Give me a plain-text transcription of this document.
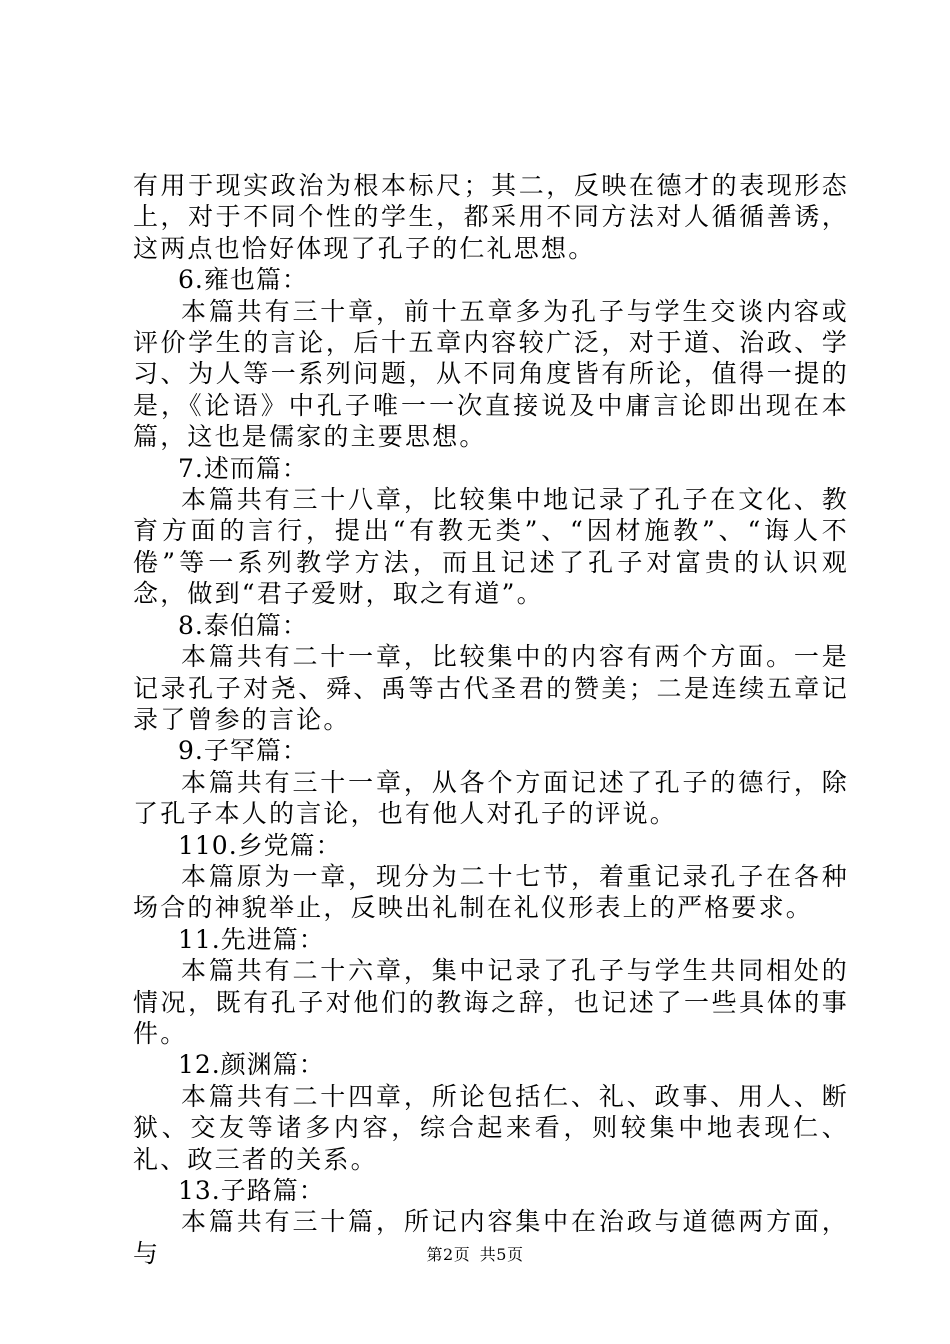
有用于现实政治为根本标尺；其二，反映在德才的表现形态上，对于不同个性的学生，都采用不同方法对人循循善诱，这两点也恰好体现了孔子的仁礼思想。

6.雍也篇：

本篇共有三十章，前十五章多为孔子与学生交谈内容或评价学生的言论，后十五章内容较广泛，对于道、治政、学习、为人等一系列问题，从不同角度皆有所论，值得一提的是，《论语》中孔子唯一一次直接说及中庸言论即出现在本篇，这也是儒家的主要思想。

7.述而篇：

本篇共有三十八章，比较集中地记录了孔子在文化、教育方面的言行，提出“有教无类”、“因材施教”、“诲人不倦”等一系列教学方法，而且记述了孔子对富贵的认识观念，做到“君子爱财，取之有道”。

8.泰伯篇：

本篇共有二十一章，比较集中的内容有两个方面。一是记录孔子对尧、舜、禹等古代圣君的赞美；二是连续五章记录了曾参的言论。

9.子罕篇：

本篇共有三十一章，从各个方面记述了孔子的德行，除了孔子本人的言论，也有他人对孔子的评说。

110.乡党篇：

本篇原为一章，现分为二十七节，着重记录孔子在各种场合的神貌举止，反映出礼制在礼仪形表上的严格要求。

11.先进篇：

本篇共有二十六章，集中记录了孔子与学生共同相处的情况，既有孔子对他们的教诲之辞，也记述了一些具体的事件。

12.颜渊篇：

本篇共有二十四章，所论包括仁、礼、政事、用人、断狱、交友等诸多内容，综合起来看，则较集中地表现仁、礼、政三者的关系。

13.子路篇：

本篇共有三十篇，所记内容集中在治政与道德两方面，与	第2页 共5页
